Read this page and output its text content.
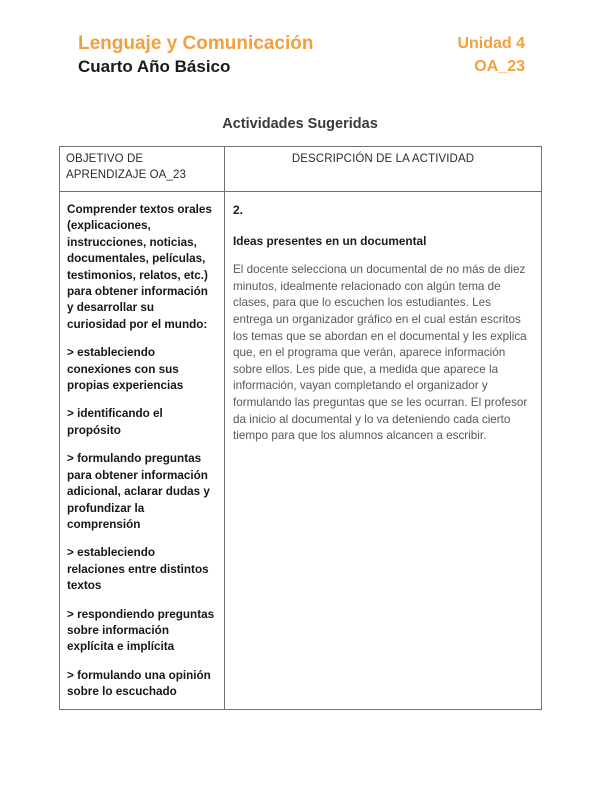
Lenguaje y Comunicación
Cuarto Año Básico
Unidad 4
OA_23
Actividades Sugeridas
OBJETIVO DE APRENDIZAJE OA_23
DESCRIPCIÓN DE LA ACTIVIDAD

Comprender textos orales (explicaciones, instrucciones, noticias, documentales, películas, testimonios, relatos, etc.) para obtener información y desarrollar su curiosidad por el mundo:

> estableciendo conexiones con sus propias experiencias

> identificando el propósito

> formulando preguntas para obtener información adicional, aclarar dudas y profundizar la comprensión

> estableciendo relaciones entre distintos textos

> respondiendo preguntas sobre información explícita e implícita

> formulando una opinión sobre lo escuchado

2.

Ideas presentes en un documental

El docente selecciona un documental de no más de diez minutos, idealmente relacionado con algún tema de clases, para que lo escuchen los estudiantes. Les entrega un organizador gráfico en el cual están escritos los temas que se abordan en el documental y les explica que, en el programa que verán, aparece información sobre ellos. Les pide que, a medida que aparece la información, vayan completando el organizador y formulando las preguntas que se les ocurran. El profesor da inicio al documental y lo va deteniendo cada cierto tiempo para que los alumnos alcancen a escribir.
